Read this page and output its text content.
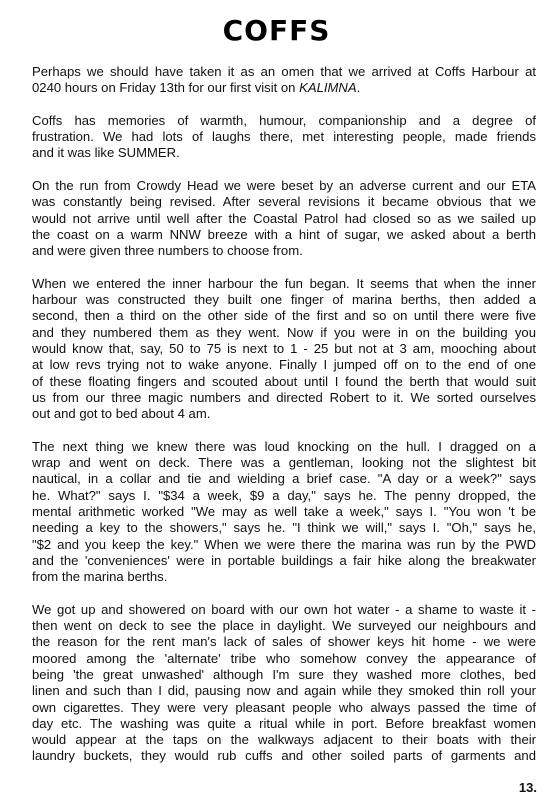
COFFS
Perhaps we should have taken it as an omen that we arrived at Coffs Harbour at
0240 hours on Friday 13th for our first visit on KALIMNA.
Coffs has memories of warmth, humour, companionship and a degree of
frustration. We had lots of laughs there, met interesting people, made friends
and it was like SUMMER.
On the run from Crowdy Head we were beset by an adverse current and our ETA
was constantly being revised. After several revisions it became obvious that we
would not arrive until well after the Coastal Patrol had closed so as we sailed up
the coast on a warm NNW breeze with a hint of sugar, we asked about a berth
and were given three numbers to choose from.
When we entered the inner harbour the fun began. It seems that when the inner
harbour was constructed they built one finger of marina berths, then added a
second, then a third on the other side of the first and so on until there were five
and they numbered them as they went. Now if you were in on the building you
would know that, say, 50 to 75 is next to 1 - 25 but not at 3 am, mooching about
at low revs trying not to wake anyone. Finally I jumped off on to the end of one
of these floating fingers and scouted about until I found the berth that would suit
us from our three magic numbers and directed Robert to it. We sorted ourselves
out and got to bed about 4 am.
The next thing we knew there was loud knocking on the hull. I dragged on a
wrap and went on deck. There was a gentleman, looking not the slightest bit
nautical, in a collar and tie and wielding a brief case. "A day or a week?" says
he. What?" says I. "$34 a week, $9 a day," says he. The penny dropped, the
mental arithmetic worked "We may as well take a week," says I. "You won 't be
needing a key to the showers," says he. "I think we will," says I. "Oh," says he,
"$2 and you keep the key." When we were there the marina was run by the PWD
and the 'conveniences' were in portable buildings a fair hike along the breakwater
from the marina berths.
We got up and showered on board with our own hot water - a shame to waste it -
then went on deck to see the place in daylight. We surveyed our neighbours and
the reason for the rent man's lack of sales of shower keys hit home - we were
moored among the 'alternate' tribe who somehow convey the appearance of
being 'the great unwashed' although I'm sure they washed more clothes, bed
linen and such than I did, pausing now and again while they smoked thin roll your
own cigarettes. They were very pleasant people who always passed the time of
day etc. The washing was quite a ritual while in port. Before breakfast women
would appear at the taps on the walkways adjacent to their boats with their
laundry buckets, they would rub cuffs and other soiled parts of garments and
13.
